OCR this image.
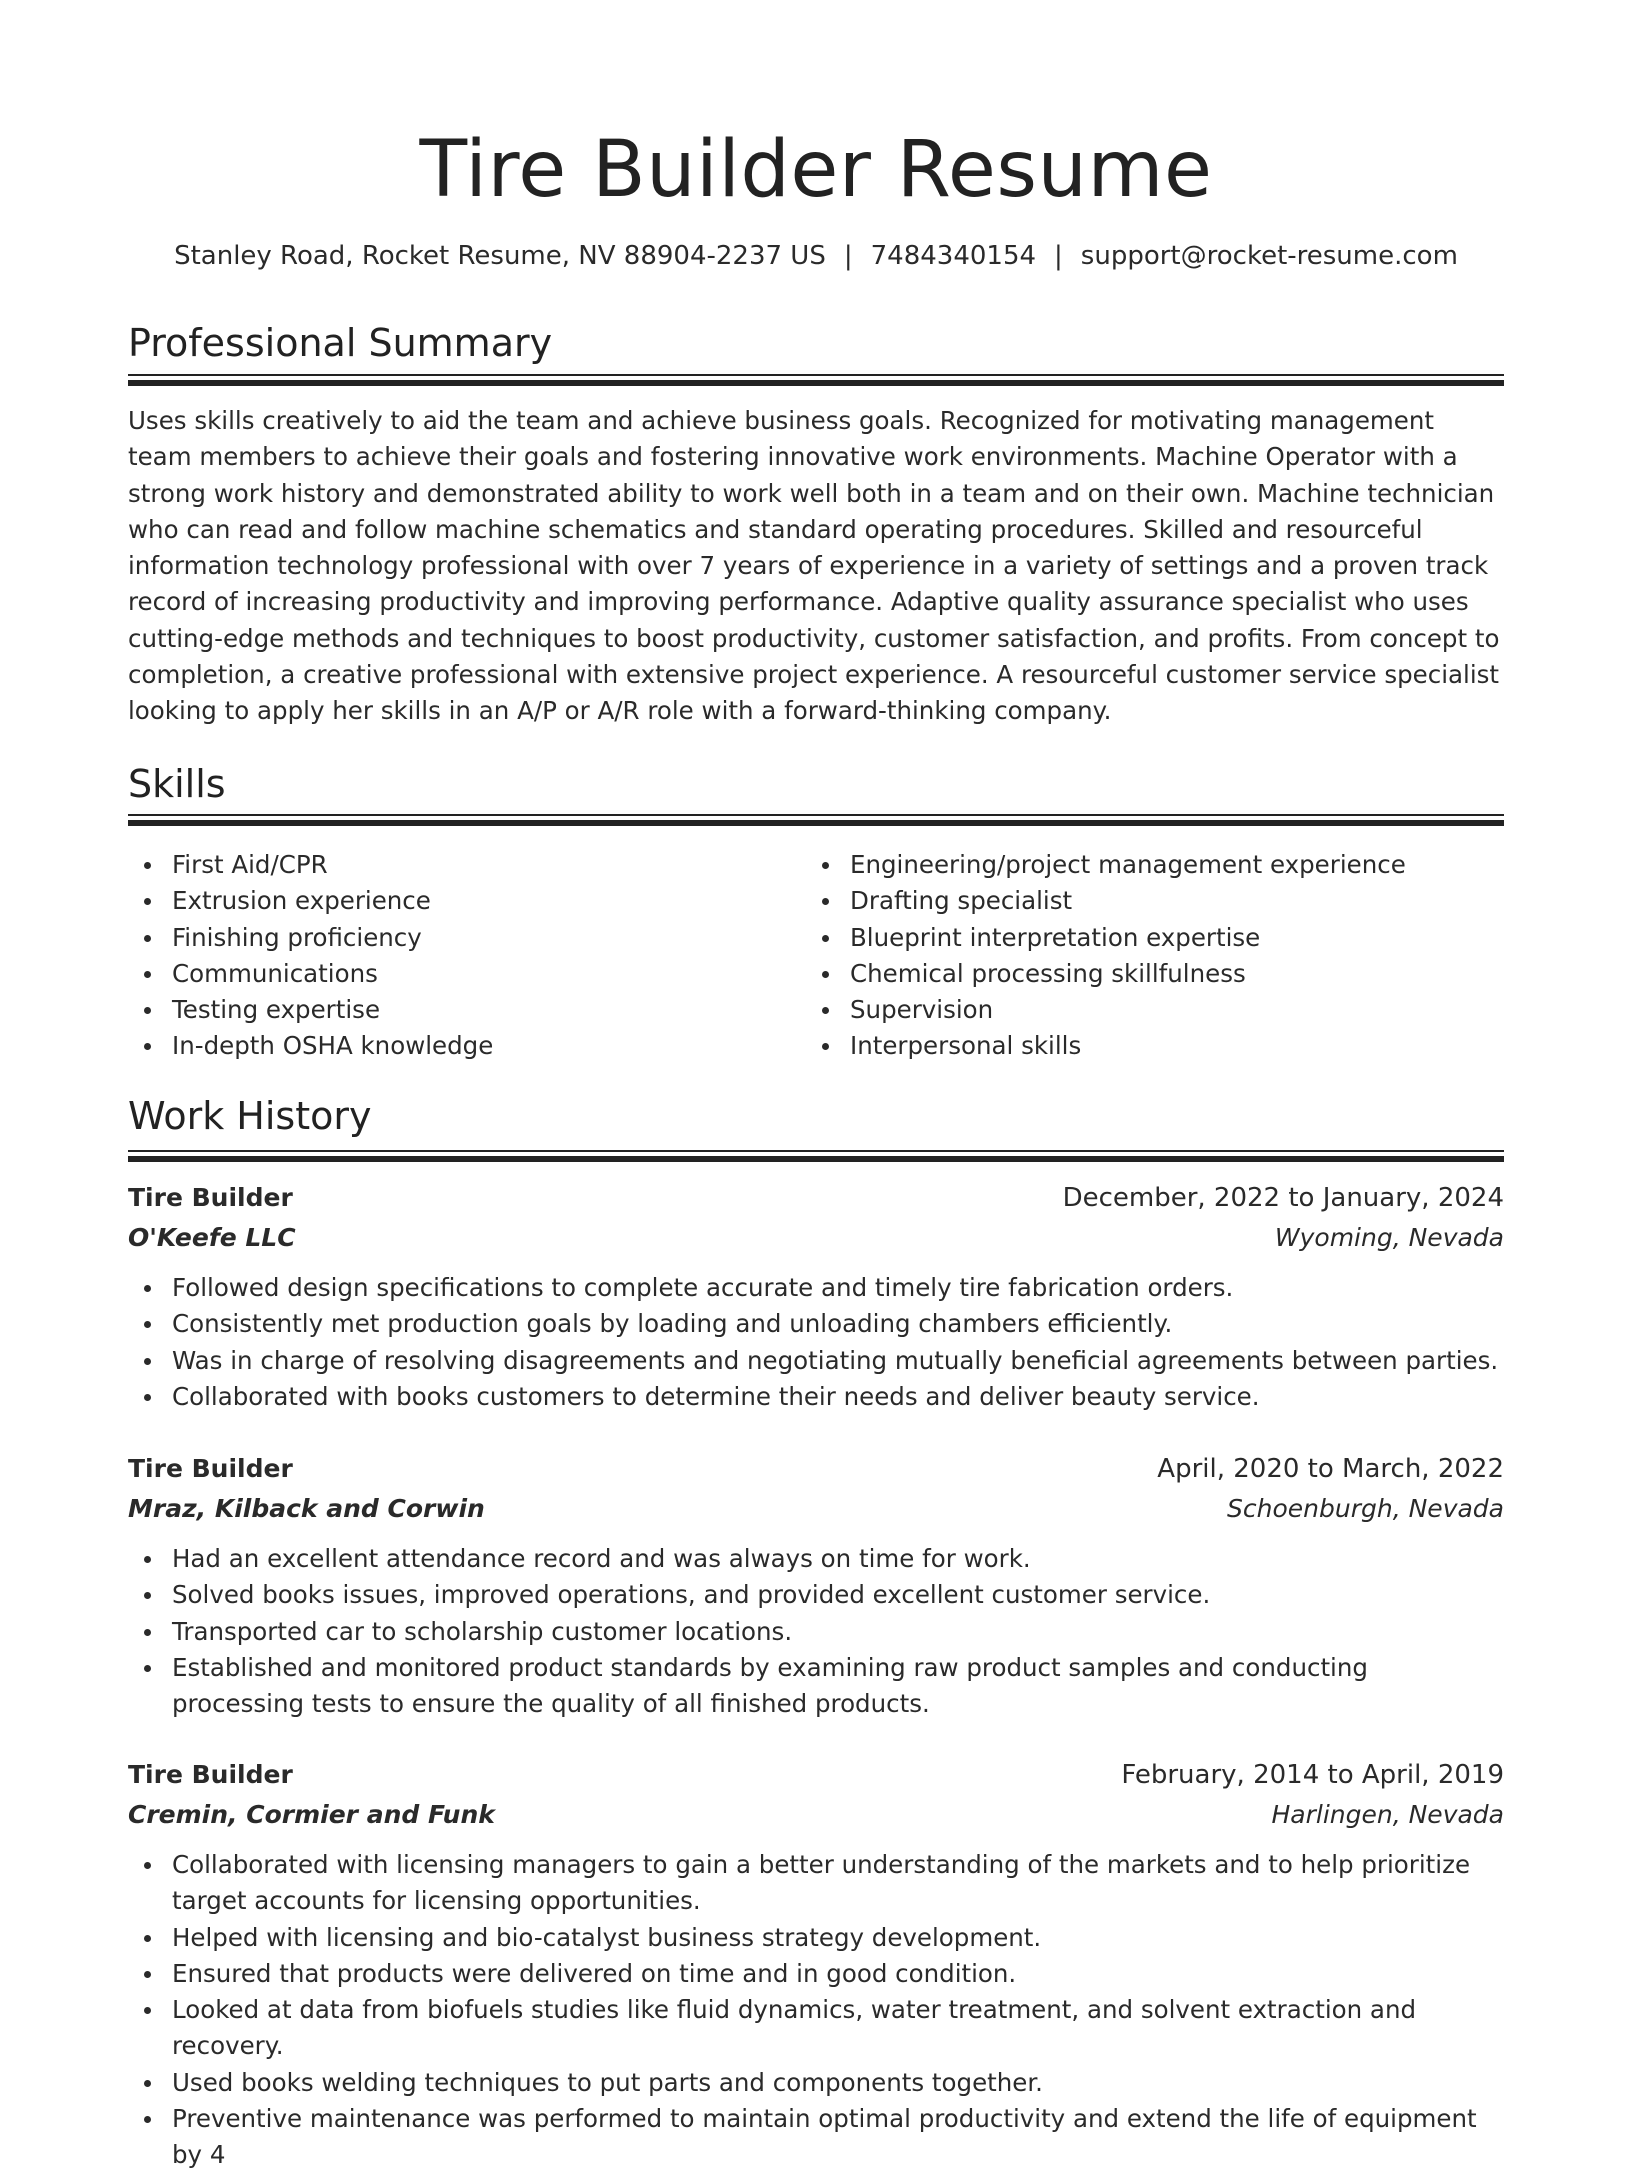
Tire Builder Resume
Stanley Road, Rocket Resume, NV 88904-2237 US | 7484340154 | support@rocket-resume.com
Professional Summary

Uses skills creatively to aid the team and achieve business goals. Recognized for motivating management team members to achieve their goals and fostering innovative work environments. Machine Operator with a strong work history and demonstrated ability to work well both in a team and on their own. Machine technician who can read and follow machine schematics and standard operating procedures. Skilled and resourceful information technology professional with over 7 years of experience in a variety of settings and a proven track record of increasing productivity and improving performance. Adaptive quality assurance specialist who uses cutting-edge methods and techniques to boost productivity, customer satisfaction, and profits. From concept to completion, a creative professional with extensive project experience. A resourceful customer service specialist looking to apply her skills in an A/P or A/R role with a forward-thinking company.

Skills
First Aid/CPR
Extrusion experience
Finishing proficiency
Communications
Testing expertise
In-depth OSHA knowledge
Engineering/project management experience
Drafting specialist
Blueprint interpretation expertise
Chemical processing skillfulness
Supervision
Interpersonal skills
Work History
Tire Builder	December, 2022 to January, 2024
O'Keefe LLC	Wyoming, Nevada
Followed design specifications to complete accurate and timely tire fabrication orders.
Consistently met production goals by loading and unloading chambers efficiently.
Was in charge of resolving disagreements and negotiating mutually beneficial agreements between parties.
Collaborated with books customers to determine their needs and deliver beauty service.
Tire Builder	April, 2020 to March, 2022
Mraz, Kilback and Corwin	Schoenburgh, Nevada
Had an excellent attendance record and was always on time for work.
Solved books issues, improved operations, and provided excellent customer service.
Transported car to scholarship customer locations.
Established and monitored product standards by examining raw product samples and conducting processing tests to ensure the quality of all finished products.
Tire Builder	February, 2014 to April, 2019
Cremin, Cormier and Funk	Harlingen, Nevada
Collaborated with licensing managers to gain a better understanding of the markets and to help prioritize target accounts for licensing opportunities.
Helped with licensing and bio-catalyst business strategy development.
Ensured that products were delivered on time and in good condition.
Looked at data from biofuels studies like fluid dynamics, water treatment, and solvent extraction and recovery.
Used books welding techniques to put parts and components together.
Preventive maintenance was performed to maintain optimal productivity and extend the life of equipment by 4
